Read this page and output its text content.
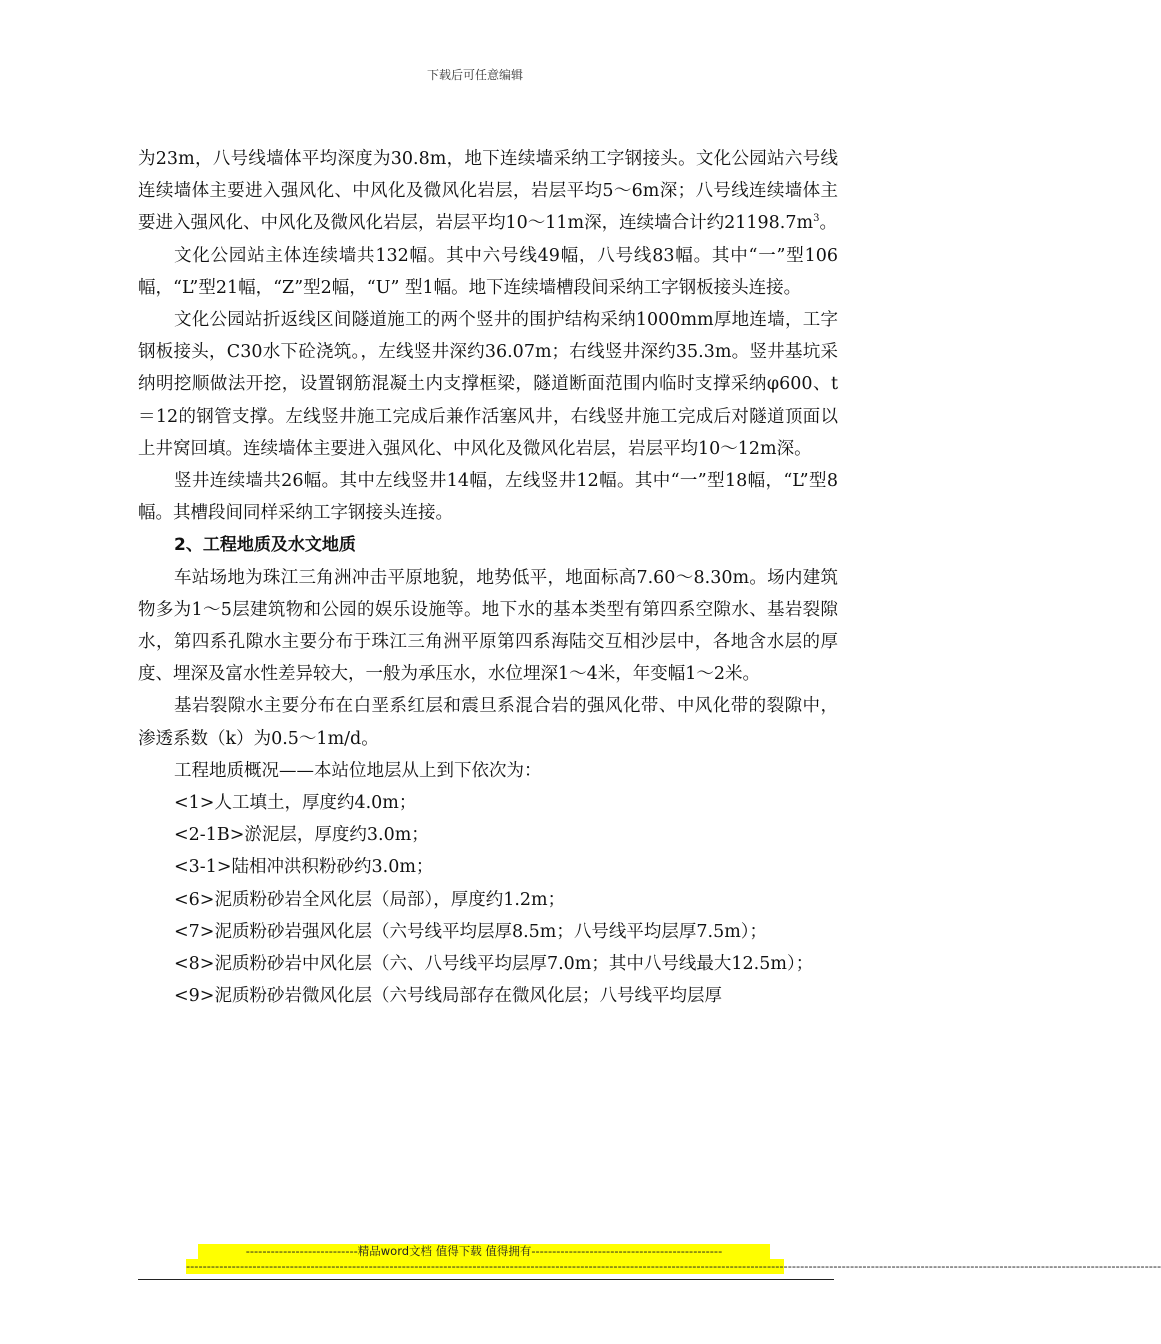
下载后可任意编辑

为23m，八号线墙体平均深度为30.8m，地下连续墙采纳工字钢接头。文化公园站六号线连续墙体主要进入强风化、中风化及微风化岩层，岩层平均5～6m深；八号线连续墙体主要进入强风化、中风化及微风化岩层，岩层平均10～11m深，连续墙合计约$21198.7m^3$。

文化公园站主体连续墙共132幅。其中六号线49幅，八号线83幅。其中“一”型106幅，“L”型21幅，“Z”型2幅，“U” 型1幅。地下连续墙槽段间采纳工字钢板接头连接。

文化公园站折返线区间隧道施工的两个竖井的围护结构采纳1000mm厚地连墙，工字钢板接头，C30水下砼浇筑。，左线竖井深约36.07m；右线竖井深约35.3m。竖井基坑采纳明挖顺做法开挖，设置钢筋混凝土内支撑框梁，隧道断面范围内临时支撑采纳φ600、t＝12的钢管支撑。左线竖井施工完成后兼作活塞风井，右线竖井施工完成后对隧道顶面以上井窝回填。连续墙体主要进入强风化、中风化及微风化岩层，岩层平均10～12m深。

竖井连续墙共26幅。其中左线竖井14幅，左线竖井12幅。其中“一”型18幅，“L”型8幅。其槽段间同样采纳工字钢接头连接。

2、工程地质及水文地质

车站场地为珠江三角洲冲击平原地貌，地势低平，地面标高7.60～8.30m。场内建筑物多为1～5层建筑物和公园的娱乐设施等。地下水的基本类型有第四系空隙水、基岩裂隙水，第四系孔隙水主要分布于珠江三角洲平原第四系海陆交互相沙层中，各地含水层的厚度、埋深及富水性差异较大，一般为承压水，水位埋深1～4米，年变幅1～2米。

基岩裂隙水主要分布在白垩系红层和震旦系混合岩的强风化带、中风化带的裂隙中，渗透系数（k）为0.5～1m/d。

工程地质概况——本站位地层从上到下依次为：

<1>人工填土，厚度约4.0m；

<2-1B>淤泥层，厚度约3.0m；

<3-1>陆相冲洪积粉砂约3.0m；

<6>泥质粉砂岩全风化层（局部），厚度约1.2m；

<7>泥质粉砂岩强风化层（六号线平均层厚8.5m；八号线平均层厚7.5m）；

<8>泥质粉砂岩中风化层（六、八号线平均层厚7.0m；其中八号线最大12.5m）；

<9>泥质粉砂岩微风化层（六号线局部存在微风化层；八号线平均层厚

---------------------------精品word文档 值得下载 值得拥有----------------------------------------------
-------------------------------------------------------------------------------------------------------------------------------------------------------------------------------------------------------------------------------------------
